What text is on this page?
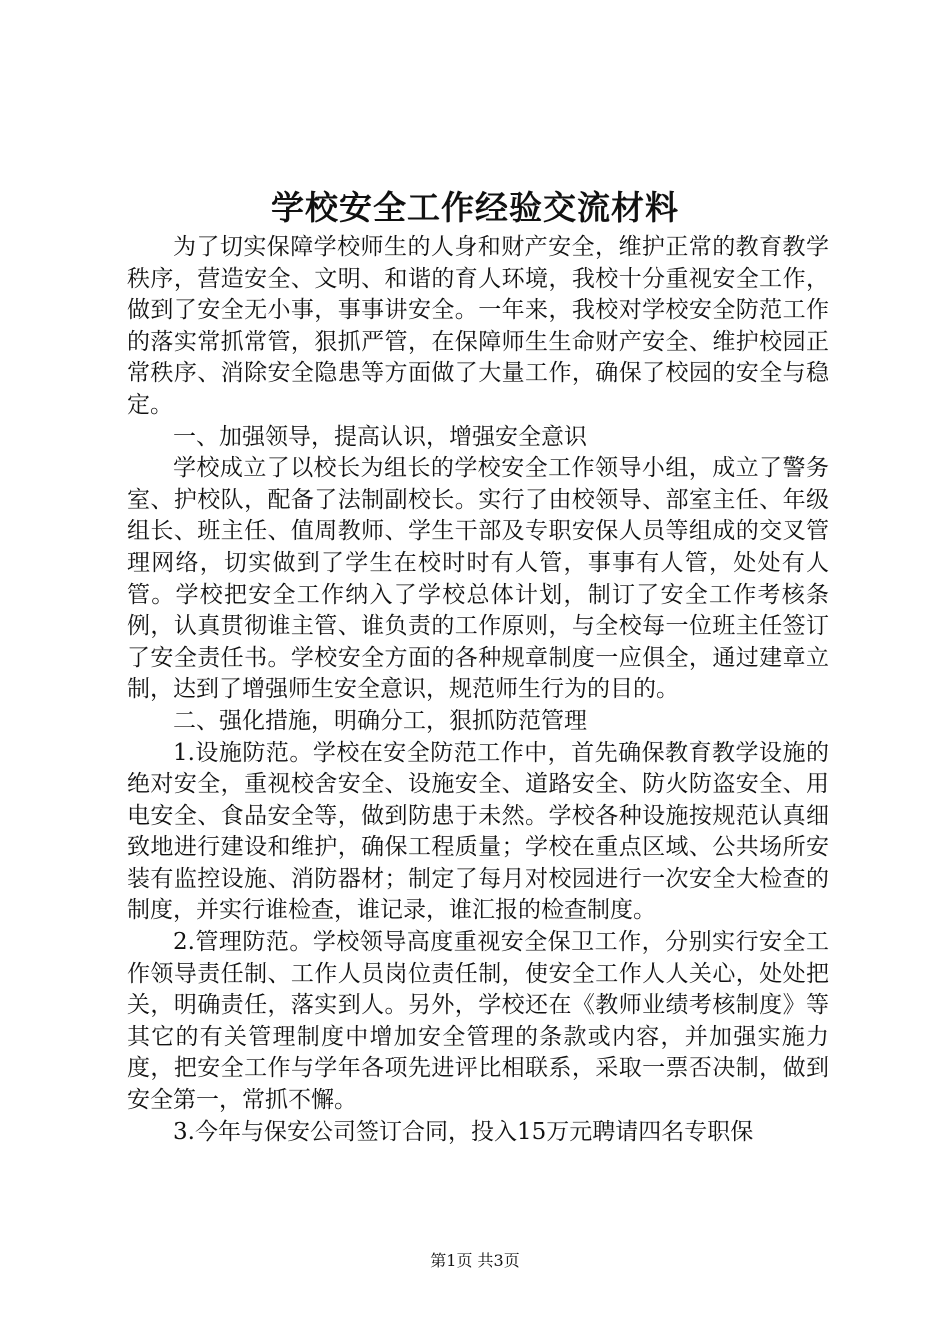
学校安全工作经验交流材料

为了切实保障学校师生的人身和财产安全，维护正常的教育教学秩序，营造安全、文明、和谐的育人环境，我校十分重视安全工作，做到了安全无小事，事事讲安全。一年来，我校对学校安全防范工作的落实常抓常管，狠抓严管，在保障师生生命财产安全、维护校园正常秩序、消除安全隐患等方面做了大量工作，确保了校园的安全与稳定。

一、加强领导，提高认识，增强安全意识

学校成立了以校长为组长的学校安全工作领导小组，成立了警务室、护校队，配备了法制副校长。实行了由校领导、部室主任、年级组长、班主任、值周教师、学生干部及专职安保人员等组成的交叉管理网络，切实做到了学生在校时时有人管，事事有人管，处处有人管。学校把安全工作纳入了学校总体计划，制订了安全工作考核条例，认真贯彻谁主管、谁负责的工作原则，与全校每一位班主任签订了安全责任书。学校安全方面的各种规章制度一应俱全，通过建章立制，达到了增强师生安全意识，规范师生行为的目的。

二、强化措施，明确分工，狠抓防范管理

1.设施防范。学校在安全防范工作中，首先确保教育教学设施的绝对安全，重视校舍安全、设施安全、道路安全、防火防盗安全、用电安全、食品安全等，做到防患于未然。学校各种设施按规范认真细致地进行建设和维护，确保工程质量；学校在重点区域、公共场所安装有监控设施、消防器材；制定了每月对校园进行一次安全大检查的制度，并实行谁检查，谁记录，谁汇报的检查制度。

2.管理防范。学校领导高度重视安全保卫工作，分别实行安全工作领导责任制、工作人员岗位责任制，使安全工作人人关心，处处把关，明确责任，落实到人。另外，学校还在《教师业绩考核制度》等其它的有关管理制度中增加安全管理的条款或内容，并加强实施力度，把安全工作与学年各项先进评比相联系，采取一票否决制，做到安全第一，常抓不懈。

3.今年与保安公司签订合同，投入15万元聘请四名专职保

第1页 共3页
